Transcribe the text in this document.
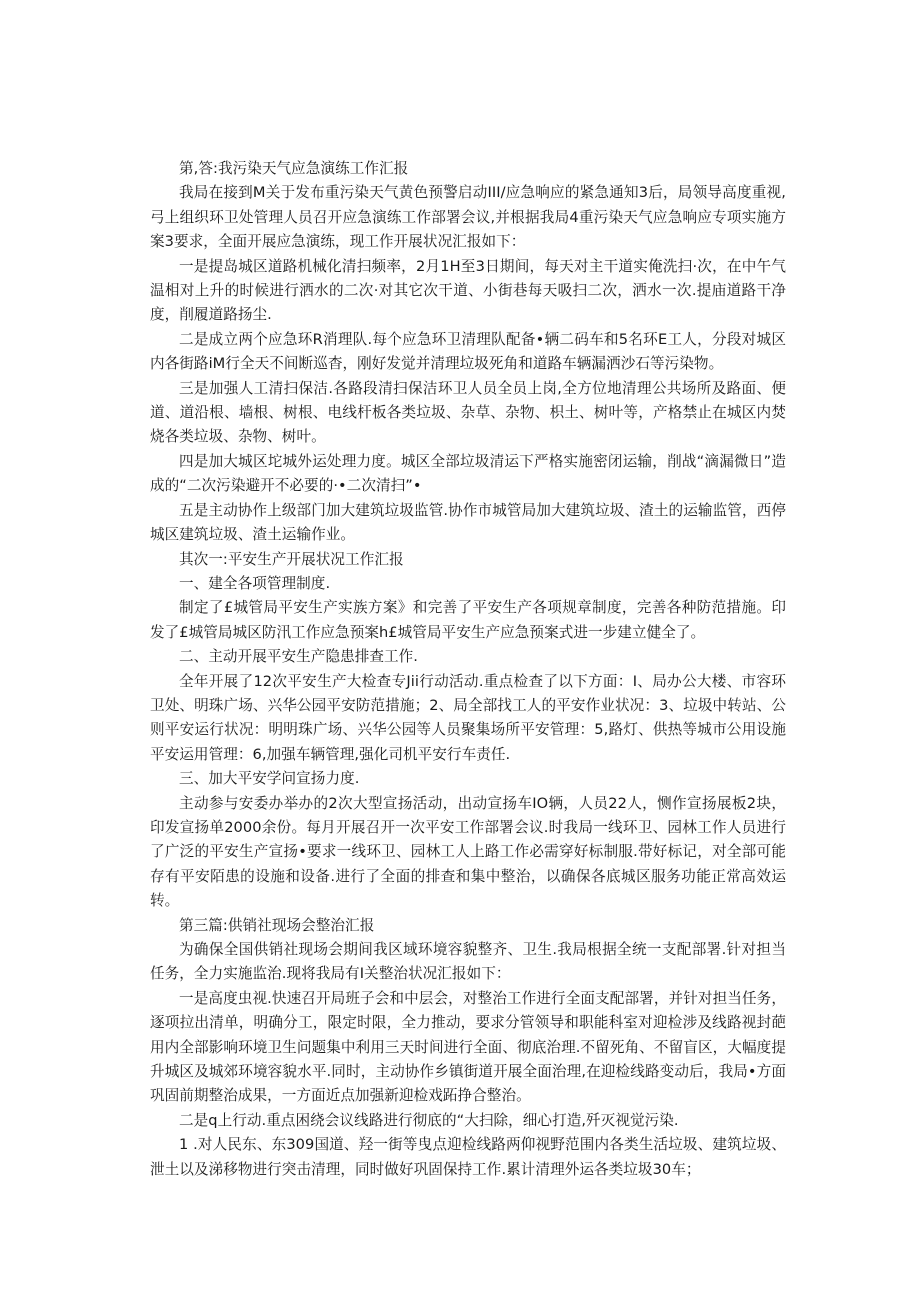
第,答:我污染天气应急演练工作汇报

我局在接到M关于发布重污染天气黄色预警启动III/应急响应的紧急通知3后，局领导高度重视,弓上组织环卫处管理人员召开应急演练工作部署会议,并根据我局4重污染天气应急响应专项实施方案3要求，全面开展应急演练，现工作开展状况汇报如下：

一是提岛城区道路机械化清扫频率，2月1H至3日期间，每天对主干道实俺洗扫·次，在中午气温相对上升的时候进行洒水的二次·对其它次干道、小街巷每天吸扫二次，洒水一次.提庙道路干净度，削履道路扬尘.

二是成立两个应急环R消理队.每个应急环卫清理队配备•辆二码车和5名环E工人，分段对城区内各街路iM行全天不间断巡杳，刚好发觉并清理垃圾死角和道路车辆漏洒沙石等污染物。

三是加强人工清扫保洁.各路段清扫保洁环卫人员全员上岗,全方位地清理公共场所及路面、便道、道沿根、墙根、树根、电线杆板各类垃圾、杂草、杂物、枳土、树叶等，产格禁止在城区内焚烧各类垃圾、杂物、树叶。

四是加大城区坨城外运处理力度。城区全部垃圾清运下严格实施密闭运输，削战“滴漏微日”造成的“二次污染避开不必要的·•二次清扫”•

五是主动协作上级部门加大建筑垃圾监管.协作市城管局加大建筑垃圾、渣土的运输监管，西停城区建筑垃圾、渣土运输作业。

其次一:平安生产开展状况工作汇报

一、建全各项管理制度.

制定了£城管局平安生产实族方案》和完善了平安生产各项规章制度，完善各种防范措施。印发了£城管局城区防汛工作应急预案h£城管局平安生产应急预案式进一步建立健全了。

二、主动开展平安生产隐患排查工作.

全年开展了12次平安生产大检查专Jii行动活动.重点检查了以下方面：I、局办公大楼、市容环卫处、明珠广场、兴华公园平安防范措施；2、局全部找工人的平安作业状况：3、垃圾中转站、公则平安运行状况：明明珠广场、兴华公园等人员聚集场所平安管理：5,路灯、供热等城市公用设施平安运用管理：6,加强车辆管理,强化司机平安行车责任.

三、加大平安学问宣扬力度.

主动参与安委办举办的2次大型宣扬活动，出动宣扬车IO辆，人员22人，恻作宣扬展板2块，印发宣扬单2000余份。每月开展召开一次平安工作部署会议.时我局一线环卫、园林工作人员进行了广泛的平安生产宣扬•要求一线环卫、园林工人上路工作必需穿好标制服.带好标记，对全部可能存有平安陌患的设施和设备.进行了全面的排查和集中整治，以确保各底城区服务功能正常高效运转。

第三篇:供销社现场会整治汇报

为确保全国供销社现场会期间我区域环境容貌整齐、卫生.我局根据全统一支配部署.针对担当任务，全力实施监治.现将我局有I关整治状况汇报如下：

一是高度虫视.快速召开局班子会和中层会，对整治工作进行全面支配部署，并针对担当任务，逐项拉出清单，明确分工，限定时限，全力推动，要求分管领导和职能科室对迎检涉及线路视封葩用内全部影响环境卫生问题集中利用三天时间进行全面、彻底治理.不留死角、不留盲区，大幅度提升城区及城郊环境容貌水平.同时，主动协作乡镇街道开展全面治理,在迎检线路变动后，我局•方面巩固前期整治成果，一方面近点加强新迎检戏跖挣合整治。

二是q上行动.重点困绕会议线路进行彻底的“大扫除，细心打造,歼灭视觉污染.

1 .对人民东、东309国道、羟一街等曳点迎检线路两仰视野范围内各类生活垃圾、建筑垃圾、泄土以及涕移物进行突击清理，同时做好巩固保持工作.累计清理外运各类垃圾30车；
